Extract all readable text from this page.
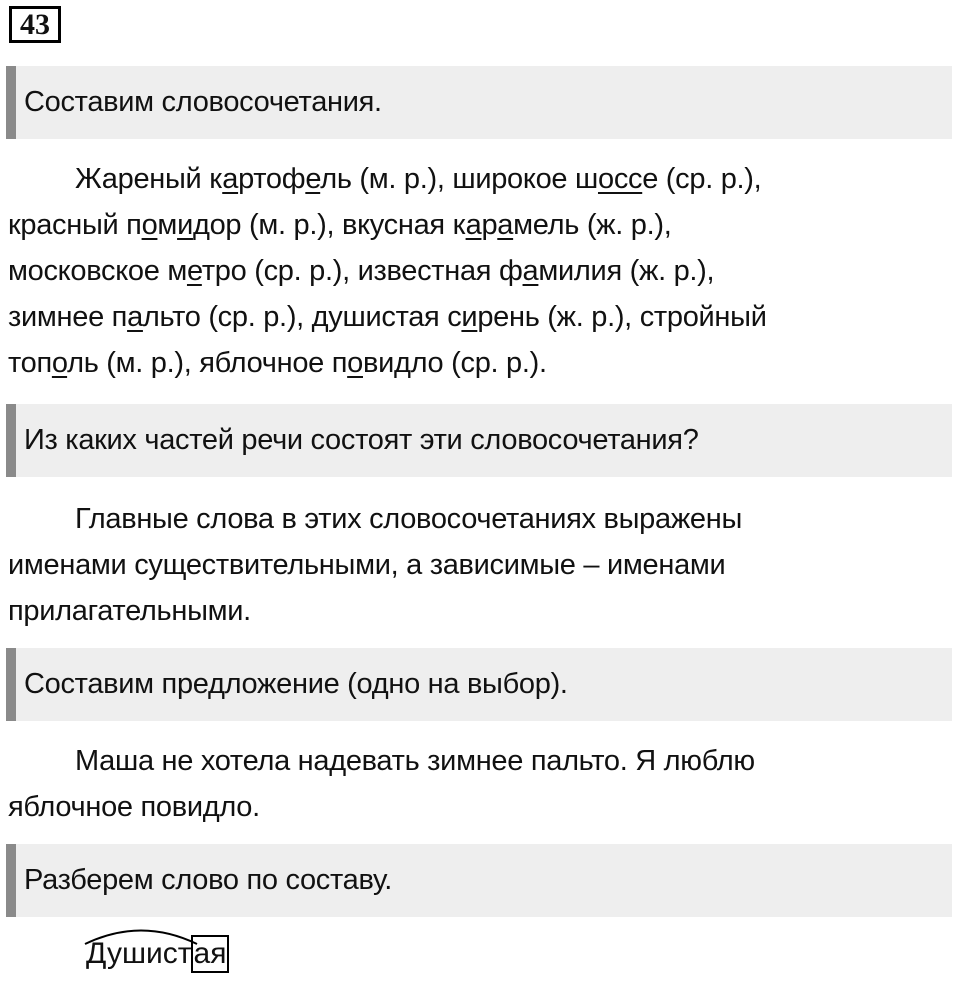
43
Составим словосочетания.
Жареный картофель (м. р.), широкое шоссе (ср. р.),
красный помидор (м. р.), вкусная карамель (ж. р.),
московское метро (ср. р.), известная фамилия (ж. р.),
зимнее пальто (ср. р.), душистая сирень (ж. р.), стройный
тополь (м. р.), яблочное повидло (ср. р.).
Из каких частей речи состоят эти словосочетания?
Главные слова в этих словосочетаниях выражены
именами существительными, а зависимые – именами
прилагательными.
Составим предложение (одно на выбор).
Маша не хотела надевать зимнее пальто. Я люблю
яблочное повидло.
Разберем слово по составу.
Душистая
